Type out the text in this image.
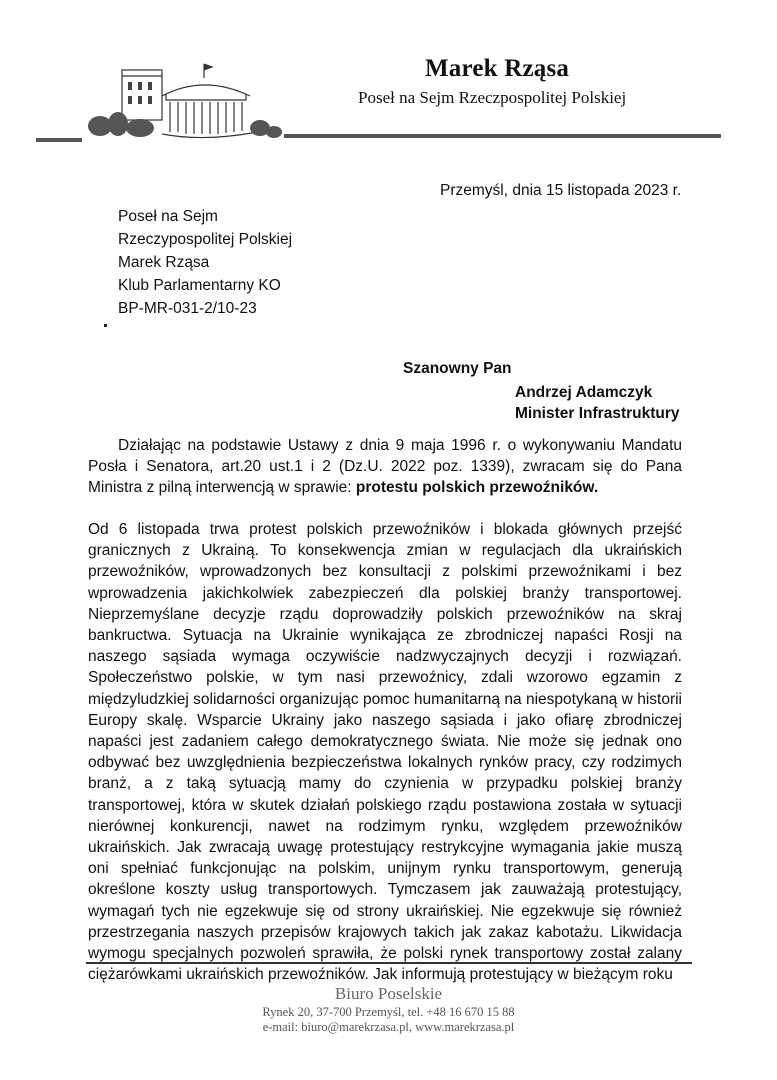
Marek Rząsa
Poseł na Sejm Rzeczpospolitej Polskiej
Przemyśl, dnia 15 listopada 2023 r.
Poseł na Sejm
Rzeczypospolitej Polskiej
Marek Rząsa
Klub Parlamentarny KO
BP-MR-031-2/10-23
Szanowny Pan
Andrzej Adamczyk
Minister Infrastruktury
Działając na podstawie Ustawy z dnia 9 maja 1996 r. o wykonywaniu Mandatu Posła i Senatora, art.20 ust.1 i 2 (Dz.U. 2022 poz. 1339), zwracam się do Pana Ministra z pilną interwencją w sprawie: protestu polskich przewoźników.
Od 6 listopada trwa protest polskich przewoźników i blokada głównych przejść granicznych z Ukrainą. To konsekwencja zmian w regulacjach dla ukraińskich przewoźników, wprowadzonych bez konsultacji z polskimi przewoźnikami i bez wprowadzenia jakichkolwiek zabezpieczeń dla polskiej branży transportowej. Nieprzemyślane decyzje rządu doprowadziły polskich przewoźników na skraj bankructwa. Sytuacja na Ukrainie wynikająca ze zbrodniczej napaści Rosji na naszego sąsiada wymaga oczywiście nadzwyczajnych decyzji i rozwiązań. Społeczeństwo polskie, w tym nasi przewoźnicy, zdali wzorowo egzamin z międzyludzkiej solidarności organizując pomoc humanitarną na niespotykaną w historii Europy skalę. Wsparcie Ukrainy jako naszego sąsiada i jako ofiarę zbrodniczej napaści jest zadaniem całego demokratycznego świata. Nie może się jednak ono odbywać bez uwzględnienia bezpieczeństwa lokalnych rynków pracy, czy rodzimych branż, a z taką sytuacją mamy do czynienia w przypadku polskiej branży transportowej, która w skutek działań polskiego rządu postawiona została w sytuacji nierównej konkurencji, nawet na rodzimym rynku, względem przewoźników ukraińskich. Jak zwracają uwagę protestujący restrykcyjne wymagania jakie muszą oni spełniać funkcjonując na polskim, unijnym rynku transportowym, generują określone koszty usług transportowych. Tymczasem jak zauważają protestujący, wymagań tych nie egzekwuje się od strony ukraińskiej. Nie egzekwuje się również przestrzegania naszych przepisów krajowych takich jak zakaz kabotażu. Likwidacja wymogu specjalnych pozwoleń sprawiła, że polski rynek transportowy został zalany ciężarówkami ukraińskich przewoźników. Jak informują protestujący w bieżącym roku
Biuro Poselskie
Rynek 20, 37-700 Przemyśl, tel. +48 16 670 15 88
e-mail: biuro@marekrzasa.pl, www.marekrzasa.pl
